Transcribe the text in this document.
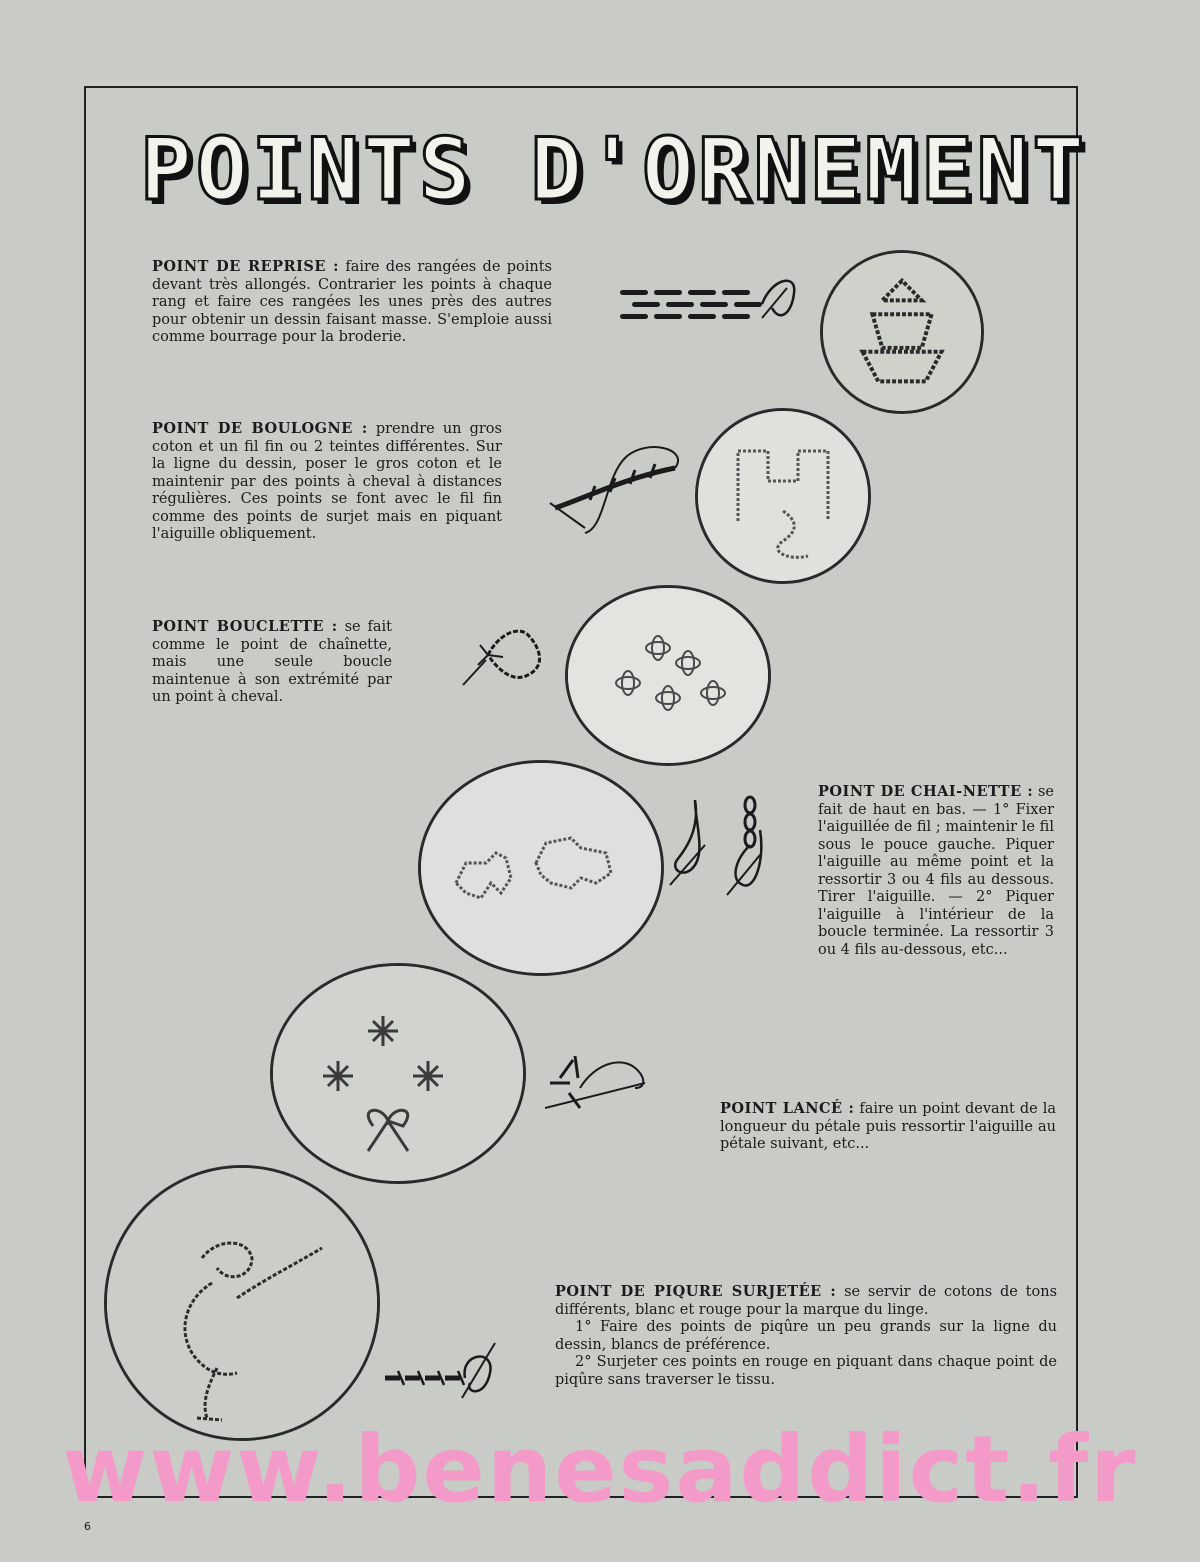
POINTS D'ORNEMENT

POINT DE REPRISE : faire des rangées de points devant très allongés. Contrarier les points à chaque rang et faire ces rangées les unes près des autres pour obtenir un dessin faisant masse. S'emploie aussi comme bourrage pour la broderie.

POINT DE BOULOGNE : prendre un gros coton et un fil fin ou 2 teintes différentes. Sur la ligne du dessin, poser le gros coton et le maintenir par des points à cheval à distances régulières. Ces points se font avec le fil fin comme des points de surjet mais en piquant l'aiguille obliquement.

POINT BOUCLETTE : se fait comme le point de chaînette, mais une seule boucle maintenue à son extrémité par un point à cheval.

POINT DE CHAI-NETTE : se fait de haut en bas. — 1° Fixer l'aiguillée de fil ; maintenir le fil sous le pouce gauche. Piquer l'aiguille au même point et la ressortir 3 ou 4 fils au dessous. Tirer l'aiguille. — 2° Piquer l'aiguille à l'intérieur de la boucle terminée. La ressortir 3 ou 4 fils au-dessous, etc...

POINT LANCÉ : faire un point devant de la longueur du pétale puis ressortir l'aiguille au pétale suivant, etc...

POINT DE PIQURE SURJETÉE : se servir de cotons de tons différents, blanc et rouge pour la marque du linge.

1° Faire des points de piqûre un peu grands sur la ligne du dessin, blancs de préférence.

2° Surjeter ces points en rouge en piquant dans chaque point de piqûre sans traverser le tissu.

www.benesaddict.fr
6
